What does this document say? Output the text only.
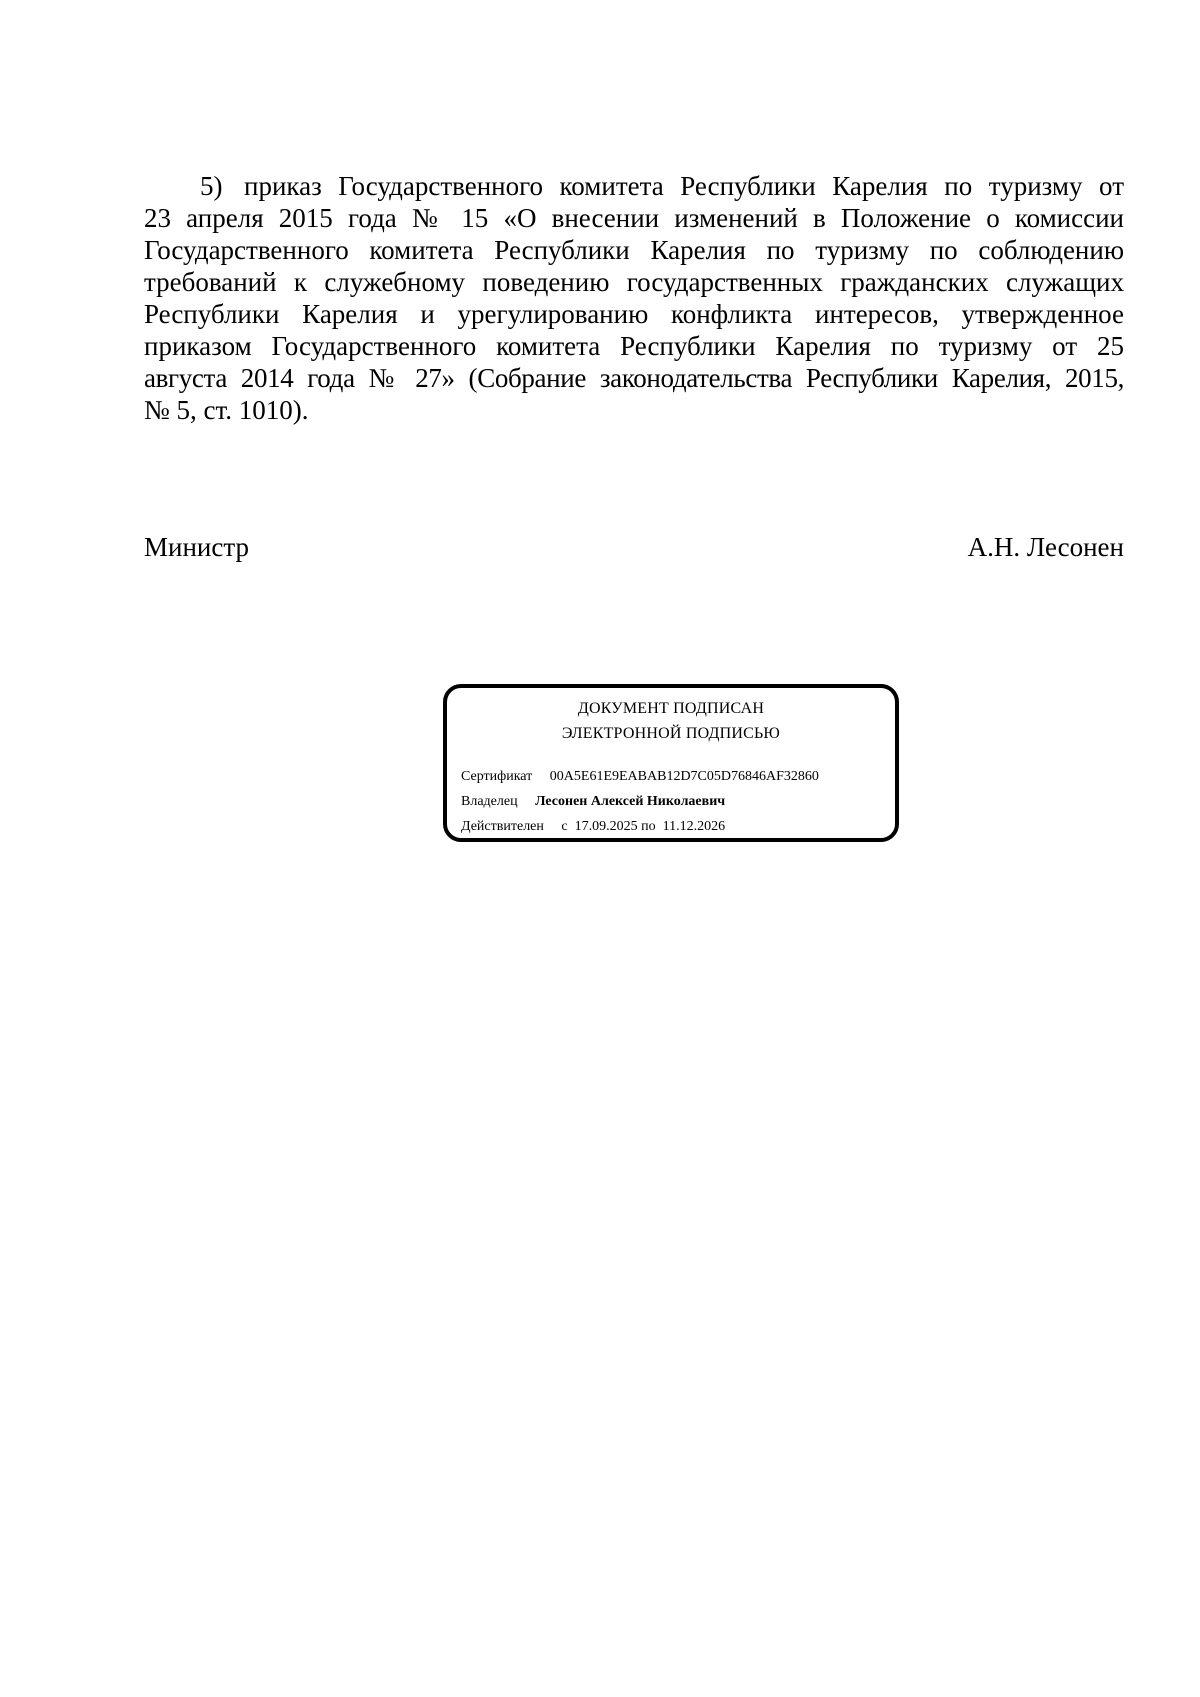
5) приказ Государственного комитета Республики Карелия по туризму от
23 апреля 2015 года № 15 «О внесении изменений в Положение о комиссии
Государственного комитета Республики Карелия по туризму по соблюдению
требований к служебному поведению государственных гражданских служащих
Республики Карелия и урегулированию конфликта интересов, утвержденное
приказом Государственного комитета Республики Карелия по туризму от 25
августа 2014 года № 27» (Собрание законодательства Республики Карелия, 2015,
№ 5, ст. 1010).
Министр	А.Н. Лесонен
ДОКУМЕНТ ПОДПИСАН
ЭЛЕКТРОННОЙ ПОДПИСЬЮ
Сертификат 00A5E61E9EABAB12D7C05D76846AF32860
Владелец Лесонен Алексей Николаевич
Действителен с  17.09.2025 по  11.12.2026
